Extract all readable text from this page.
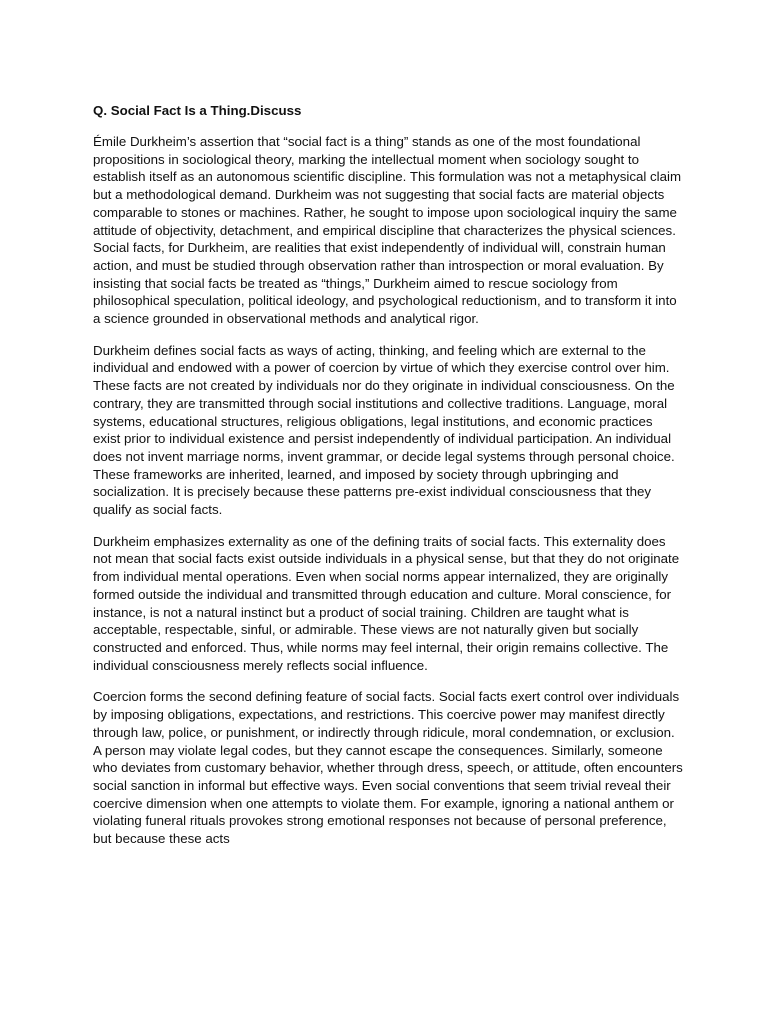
Q. Social Fact Is a Thing.Discuss

Émile Durkheim’s assertion that “social fact is a thing” stands as one of the most foundational propositions in sociological theory, marking the intellectual moment when sociology sought to establish itself as an autonomous scientific discipline. This formulation was not a metaphysical claim but a methodological demand. Durkheim was not suggesting that social facts are material objects comparable to stones or machines. Rather, he sought to impose upon sociological inquiry the same attitude of objectivity, detachment, and empirical discipline that characterizes the physical sciences. Social facts, for Durkheim, are realities that exist independently of individual will, constrain human action, and must be studied through observation rather than introspection or moral evaluation. By insisting that social facts be treated as “things,” Durkheim aimed to rescue sociology from philosophical speculation, political ideology, and psychological reductionism, and to transform it into a science grounded in observational methods and analytical rigor.

Durkheim defines social facts as ways of acting, thinking, and feeling which are external to the individual and endowed with a power of coercion by virtue of which they exercise control over him. These facts are not created by individuals nor do they originate in individual consciousness. On the contrary, they are transmitted through social institutions and collective traditions. Language, moral systems, educational structures, religious obligations, legal institutions, and economic practices exist prior to individual existence and persist independently of individual participation. An individual does not invent marriage norms, invent grammar, or decide legal systems through personal choice. These frameworks are inherited, learned, and imposed by society through upbringing and socialization. It is precisely because these patterns pre-exist individual consciousness that they qualify as social facts.

Durkheim emphasizes externality as one of the defining traits of social facts. This externality does not mean that social facts exist outside individuals in a physical sense, but that they do not originate from individual mental operations. Even when social norms appear internalized, they are originally formed outside the individual and transmitted through education and culture. Moral conscience, for instance, is not a natural instinct but a product of social training. Children are taught what is acceptable, respectable, sinful, or admirable. These views are not naturally given but socially constructed and enforced. Thus, while norms may feel internal, their origin remains collective. The individual consciousness merely reflects social influence.

Coercion forms the second defining feature of social facts. Social facts exert control over individuals by imposing obligations, expectations, and restrictions. This coercive power may manifest directly through law, police, or punishment, or indirectly through ridicule, moral condemnation, or exclusion. A person may violate legal codes, but they cannot escape the consequences. Similarly, someone who deviates from customary behavior, whether through dress, speech, or attitude, often encounters social sanction in informal but effective ways. Even social conventions that seem trivial reveal their coercive dimension when one attempts to violate them. For example, ignoring a national anthem or violating funeral rituals provokes strong emotional responses not because of personal preference, but because these acts
